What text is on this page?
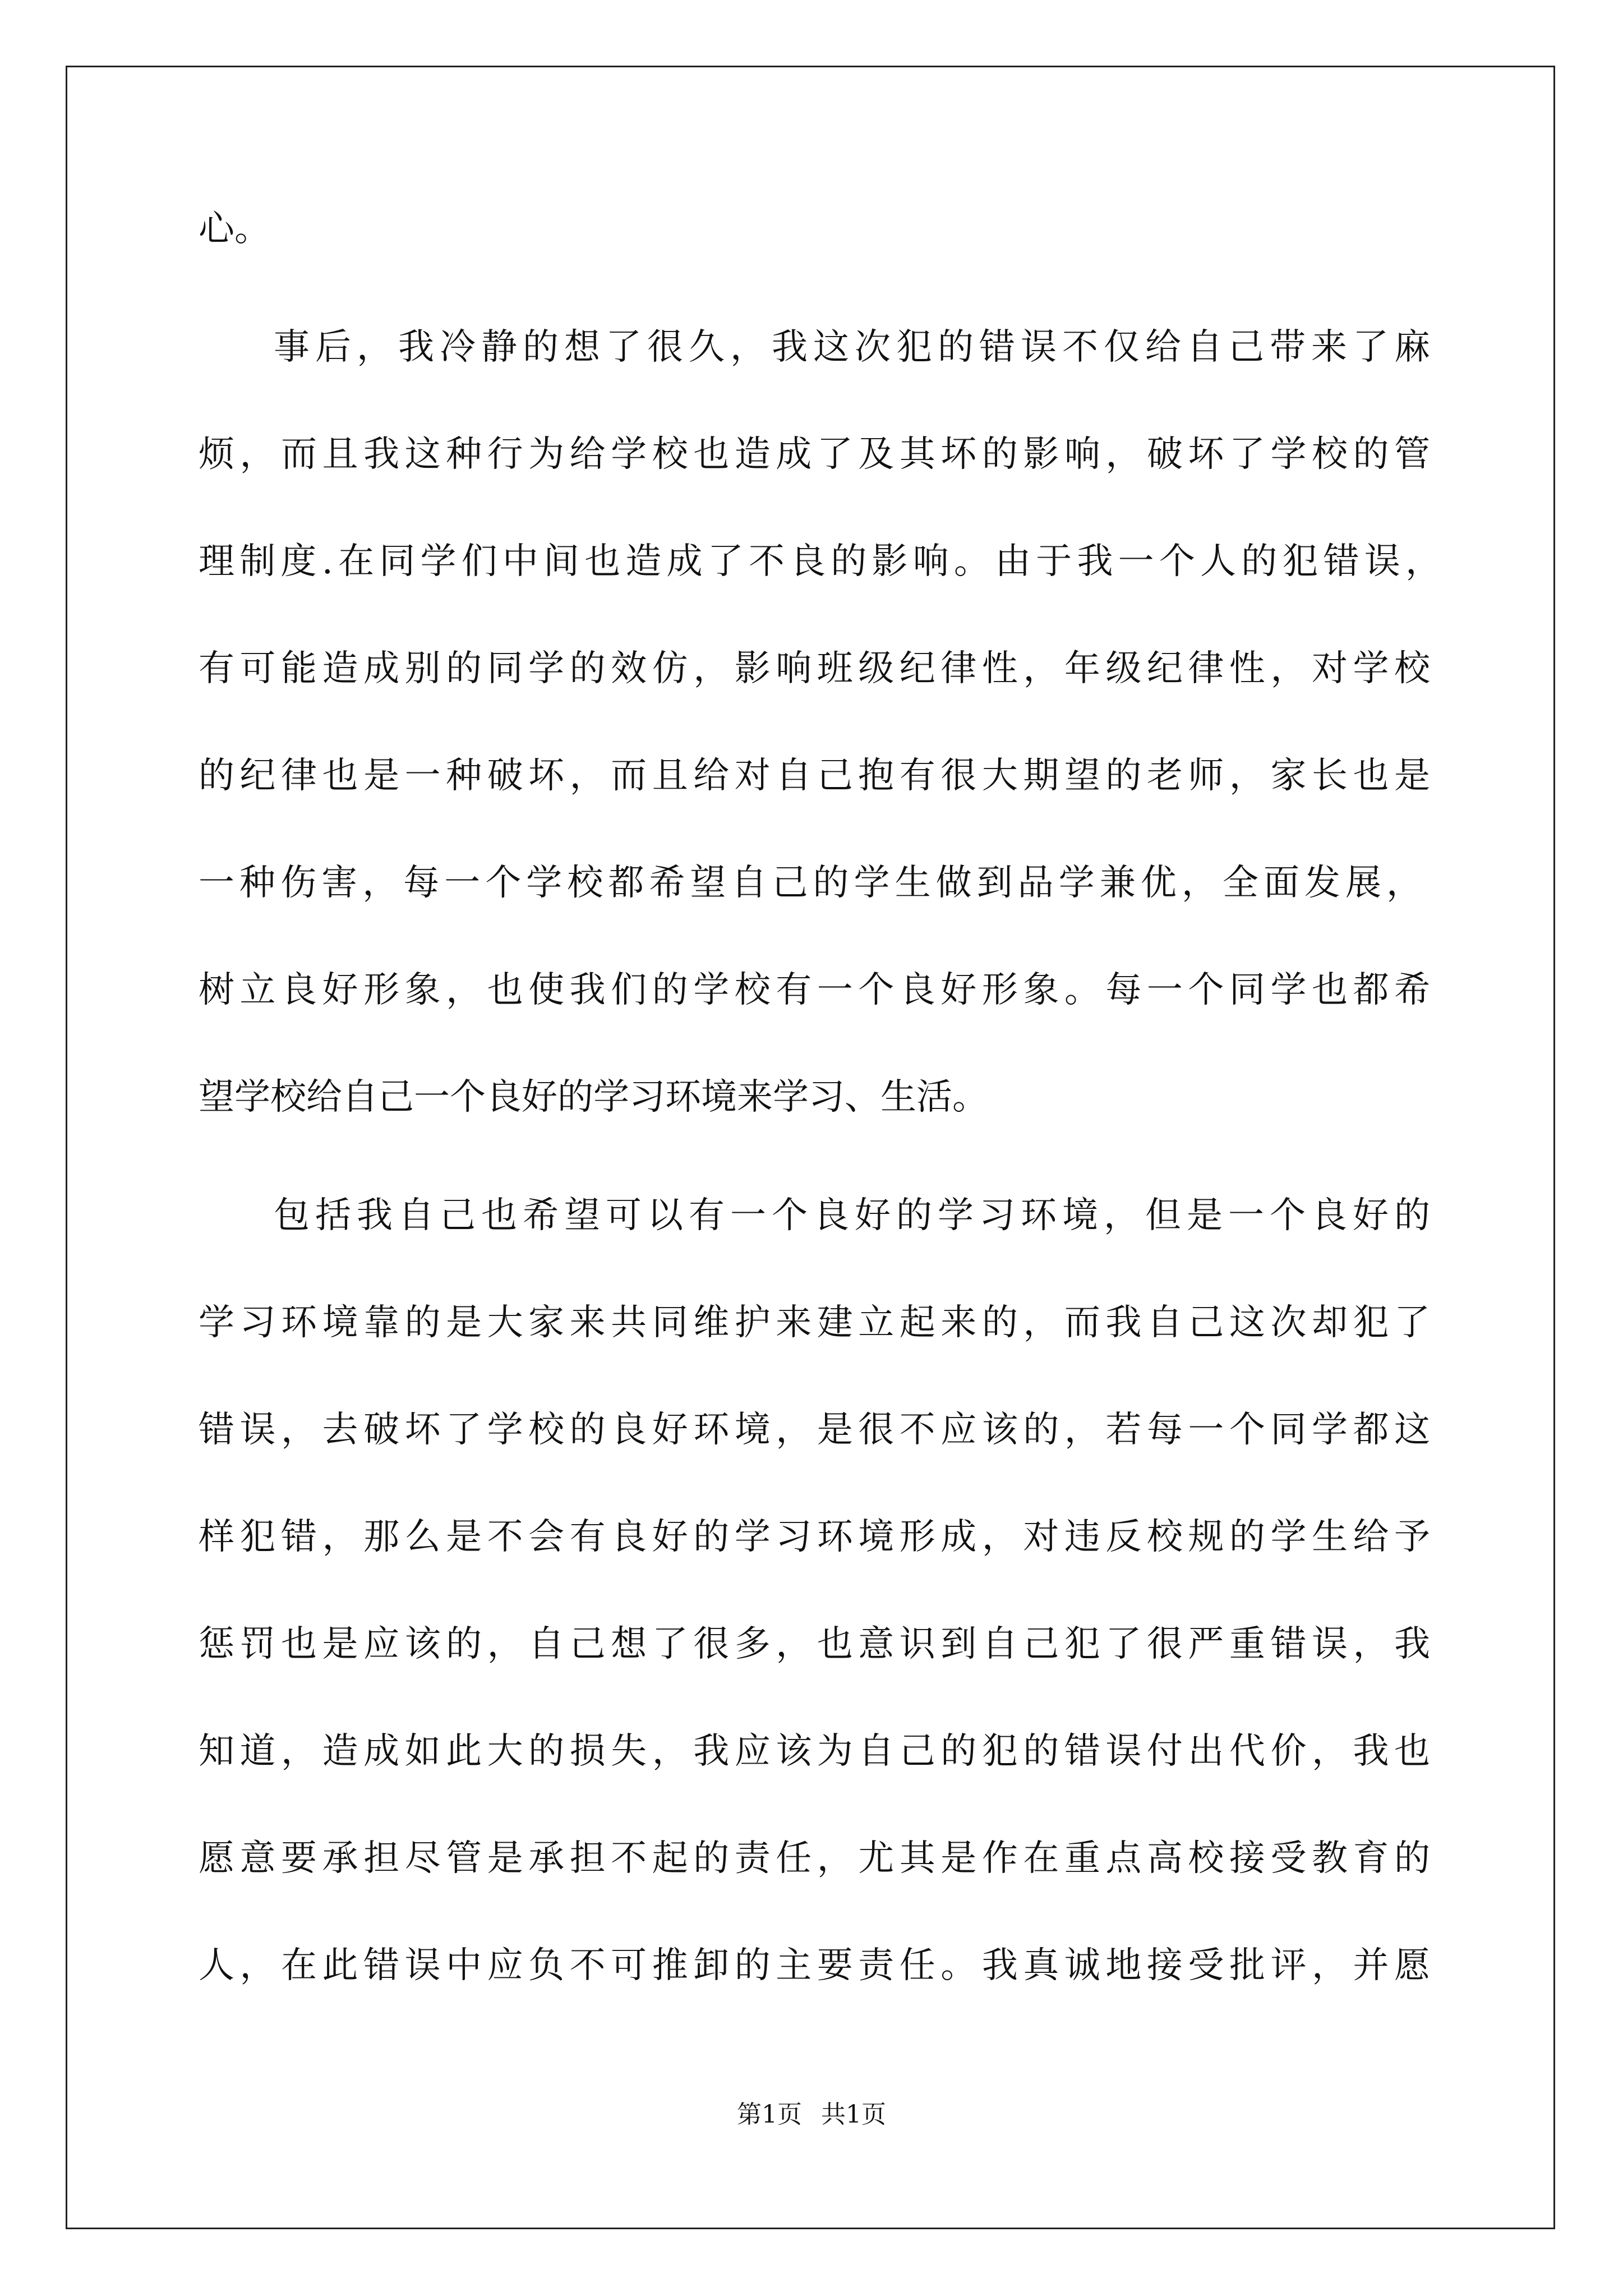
心。
事后，我冷静的想了很久，我这次犯的错误不仅给自己带来了麻
烦，而且我这种行为给学校也造成了及其坏的影响，破坏了学校的管
理制度.在同学们中间也造成了不良的影响。由于我一个人的犯错误，
有可能造成别的同学的效仿，影响班级纪律性，年级纪律性，对学校
的纪律也是一种破坏，而且给对自己抱有很大期望的老师，家长也是
一种伤害，每一个学校都希望自己的学生做到品学兼优，全面发展，
树立良好形象，也使我们的学校有一个良好形象。每一个同学也都希
望学校给自己一个良好的学习环境来学习、生活。
包括我自己也希望可以有一个良好的学习环境，但是一个良好的
学习环境靠的是大家来共同维护来建立起来的，而我自己这次却犯了
错误，去破坏了学校的良好环境，是很不应该的，若每一个同学都这
样犯错，那么是不会有良好的学习环境形成，对违反校规的学生给予
惩罚也是应该的，自己想了很多，也意识到自己犯了很严重错误，我
知道，造成如此大的损失，我应该为自己的犯的错误付出代价，我也
愿意要承担尽管是承担不起的责任，尤其是作在重点高校接受教育的
人，在此错误中应负不可推卸的主要责任。我真诚地接受批评，并愿
第1页 共1页
